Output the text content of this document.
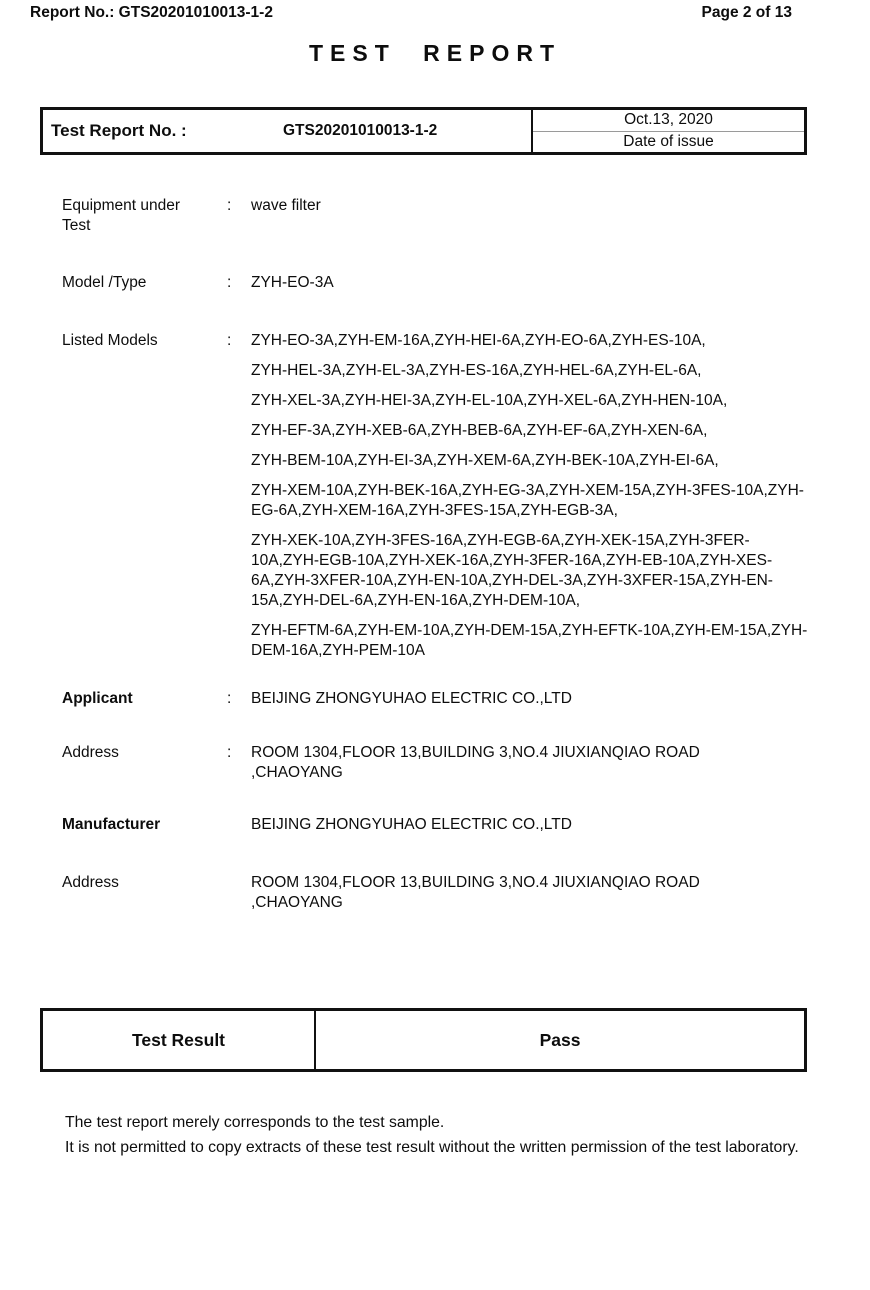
Report No.: GTS20201010013-1-2	Page 2 of 13
TEST REPORT
Test Report No. :	GTS20201010013-1-2
Oct.13, 2020
Date of issue
Equipment under Test
:	wave filter
Model /Type	:	ZYH-EO-3A
Listed Models	:	ZYH-EO-3A,ZYH-EM-16A,ZYH-HEI-6A,ZYH-EO-6A,ZYH-ES-10A,

ZYH-HEL-3A,ZYH-EL-3A,ZYH-ES-16A,ZYH-HEL-6A,ZYH-EL-6A,

ZYH-XEL-3A,ZYH-HEI-3A,ZYH-EL-10A,ZYH-XEL-6A,ZYH-HEN-10A,

ZYH-EF-3A,ZYH-XEB-6A,ZYH-BEB-6A,ZYH-EF-6A,ZYH-XEN-6A,

ZYH-BEM-10A,ZYH-EI-3A,ZYH-XEM-6A,ZYH-BEK-10A,ZYH-EI-6A,

ZYH-XEM-10A,ZYH-BEK-16A,ZYH-EG-3A,ZYH-XEM-15A,ZYH-3FES-10A,ZYH-EG-6A,ZYH-XEM-16A,ZYH-3FES-15A,ZYH-EGB-3A,

ZYH-XEK-10A,ZYH-3FES-16A,ZYH-EGB-6A,ZYH-XEK-15A,ZYH-3FER-10A,ZYH-EGB-10A,ZYH-XEK-16A,ZYH-3FER-16A,ZYH-EB-10A,ZYH-XES-6A,ZYH-3XFER-10A,ZYH-EN-10A,ZYH-DEL-3A,ZYH-3XFER-15A,ZYH-EN-15A,ZYH-DEL-6A,ZYH-EN-16A,ZYH-DEM-10A,

ZYH-EFTM-6A,ZYH-EM-10A,ZYH-DEM-15A,ZYH-EFTK-10A,ZYH-EM-15A,ZYH-DEM-16A,ZYH-PEM-10A

Applicant	:	BEIJING ZHONGYUHAO ELECTRIC CO.,LTD
Address	:	ROOM 1304,FLOOR 13,BUILDING 3,NO.4 JIUXIANQIAO ROAD ,CHAOYANG
Manufacturer	BEIJING ZHONGYUHAO ELECTRIC CO.,LTD
Address	ROOM 1304,FLOOR 13,BUILDING 3,NO.4 JIUXIANQIAO ROAD ,CHAOYANG
Test Result	Pass

The test report merely corresponds to the test sample.

It is not permitted to copy extracts of these test result without the written permission of the test laboratory.
